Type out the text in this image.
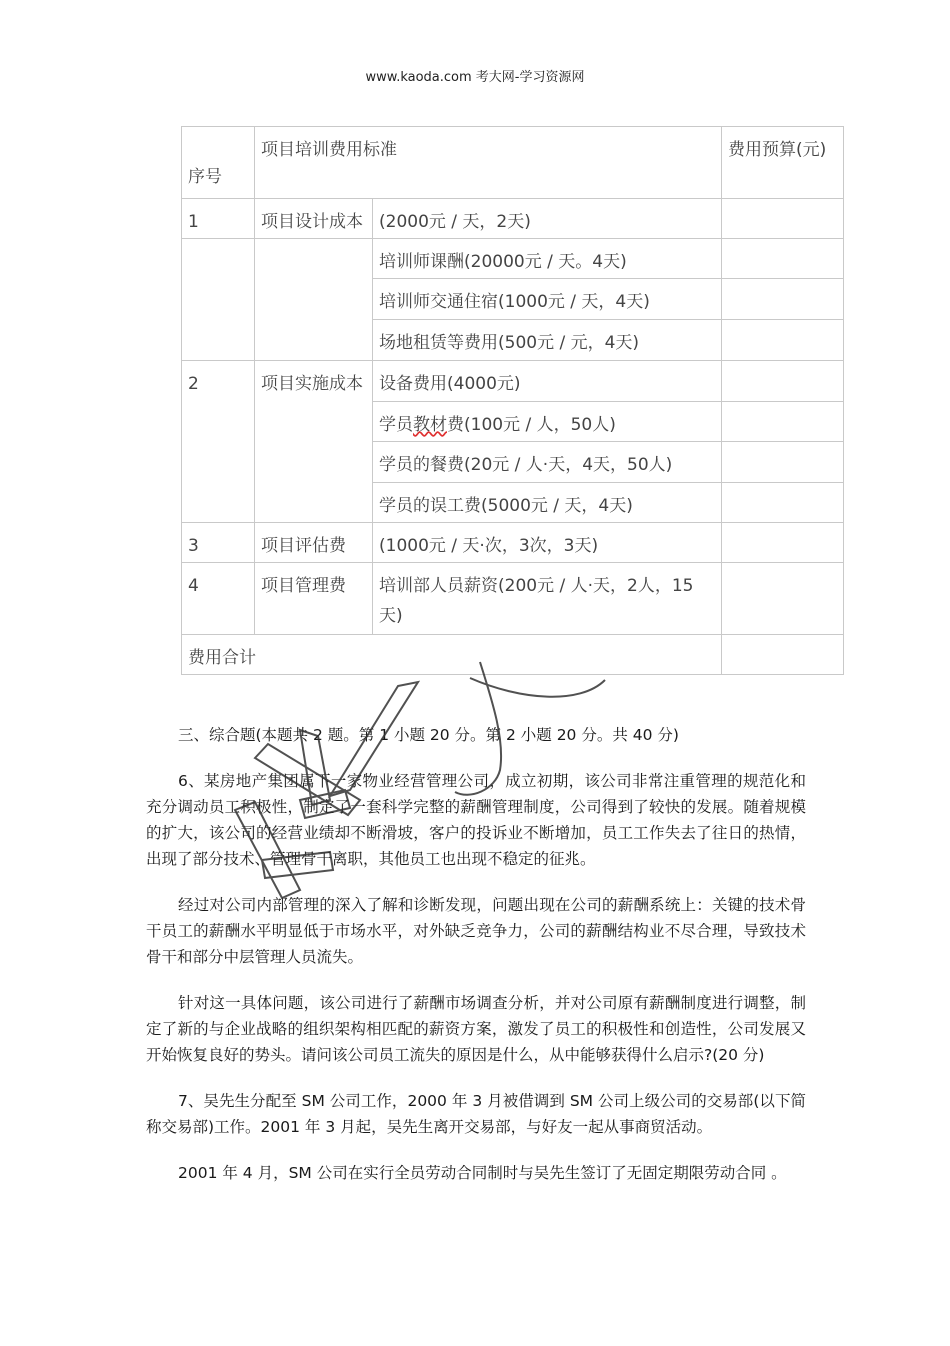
www.kaoda.com 考大网-学习资源网
序号	项目培训费用标准		费用预算(元)
1	项目设计成本	(2000元 / 天，2天)	
		培训师课酬(20000元 / 天。4天)	
		培训师交通住宿(1000元 / 天，4天)	
		场地租赁等费用(500元 / 元，4天)	
2	项目实施成本	设备费用(4000元)	
		学员教材费(100元 / 人，50人)	
		学员的餐费(20元 / 人·天，4天，50人)	
		学员的误工费(5000元 / 天，4天)	
3	项目评估费	(1000元 / 天·次，3次，3天)	
4	项目管理费	培训部人员薪资(200元 / 人·天，2人，15天)	
费用合计			

三、综合题(本题共 2 题。第 1 小题 20 分。第 2 小题 20 分。共 40 分)

6、某房地产集团属下一家物业经营管理公司，成立初期，该公司非常注重管理的规范化和充分调动员工积极性，制定了一套科学完整的薪酬管理制度，公司得到了较快的发展。随着规模的扩大，该公司的经营业绩却不断滑坡，客户的投诉业不断增加，员工工作失去了往日的热情，出现了部分技术、管理骨干离职，其他员工也出现不稳定的征兆。

经过对公司内部管理的深入了解和诊断发现，问题出现在公司的薪酬系统上：关键的技术骨干员工的薪酬水平明显低于市场水平，对外缺乏竞争力，公司的薪酬结构业不尽合理，导致技术骨干和部分中层管理人员流失。

针对这一具体问题，该公司进行了薪酬市场调查分析，并对公司原有薪酬制度进行调整，制定了新的与企业战略的组织架构相匹配的薪资方案，激发了员工的积极性和创造性，公司发展又开始恢复良好的势头。请问该公司员工流失的原因是什么，从中能够获得什么启示?(20 分)

7、吴先生分配至 SM 公司工作，2000 年 3 月被借调到 SM 公司上级公司的交易部(以下简称交易部)工作。2001 年 3 月起，吴先生离开交易部，与好友一起从事商贸活动。

2001 年 4 月，SM 公司在实行全员劳动合同制时与吴先生签订了无固定期限劳动合同 。
